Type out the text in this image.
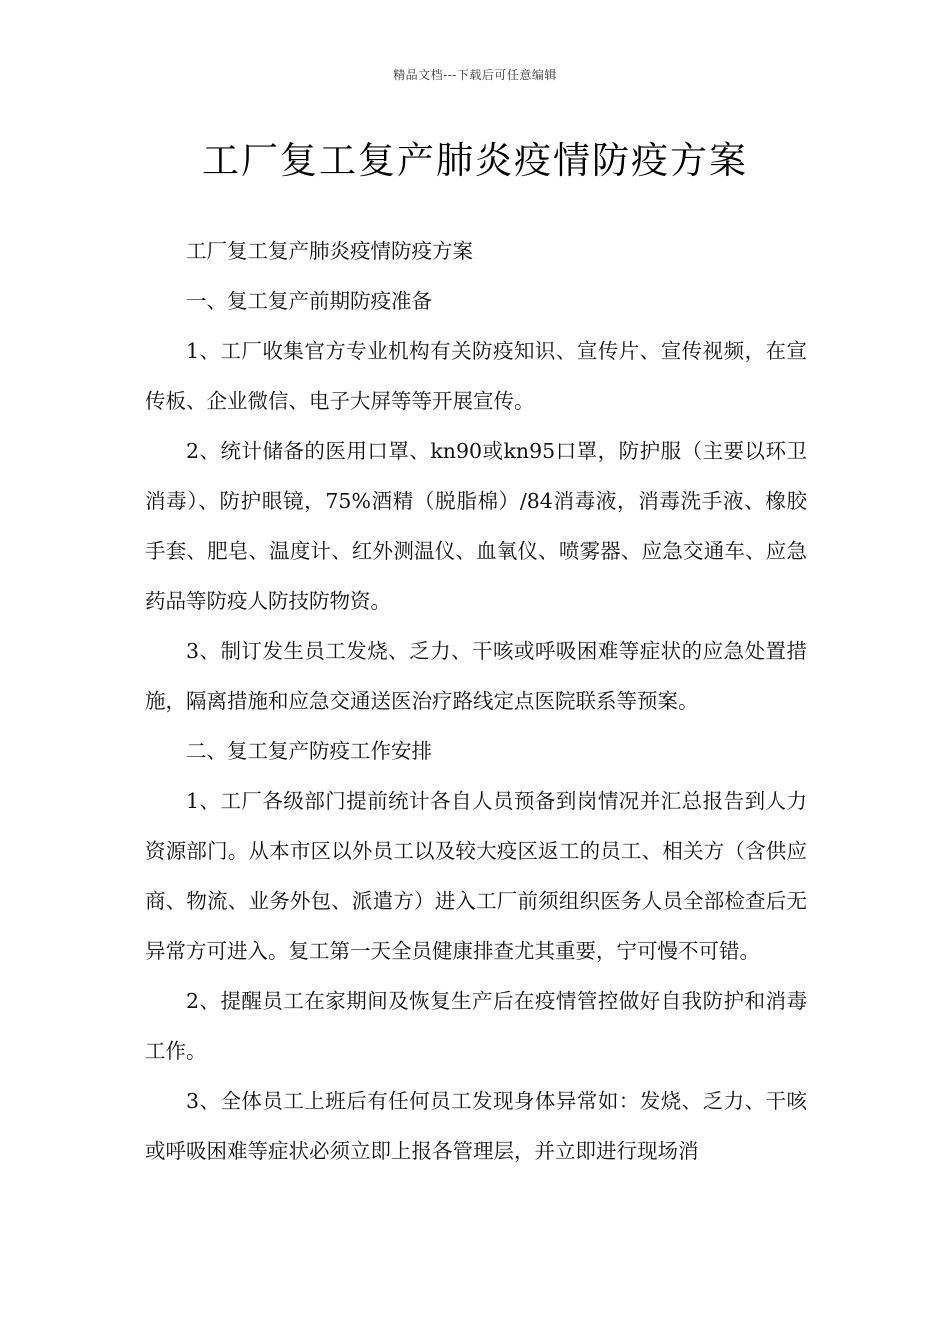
精品文档---下载后可任意编辑
工厂复工复产肺炎疫情防疫方案

工厂复工复产肺炎疫情防疫方案

一、复工复产前期防疫准备

1、工厂收集官方专业机构有关防疫知识、宣传片、宣传视频，在宣传板、企业微信、电子大屏等等开展宣传。

2、统计储备的医用口罩、kn90或kn95口罩，防护服（主要以环卫消毒）、防护眼镜，75%酒精（脱脂棉）/84消毒液，消毒洗手液、橡胶手套、肥皂、温度计、红外测温仪、血氧仪、喷雾器、应急交通车、应急药品等防疫人防技防物资。

3、制订发生员工发烧、乏力、干咳或呼吸困难等症状的应急处置措施，隔离措施和应急交通送医治疗路线定点医院联系等预案。

二、复工复产防疫工作安排

1、工厂各级部门提前统计各自人员预备到岗情况并汇总报告到人力资源部门。从本市区以外员工以及较大疫区返工的员工、相关方（含供应商、物流、业务外包、派遣方）进入工厂前须组织医务人员全部检查后无异常方可进入。复工第一天全员健康排查尤其重要，宁可慢不可错。

2、提醒员工在家期间及恢复生产后在疫情管控做好自我防护和消毒工作。

3、全体员工上班后有任何员工发现身体异常如：发烧、乏力、干咳或呼吸困难等症状必须立即上报各管理层，并立即进行现场消
